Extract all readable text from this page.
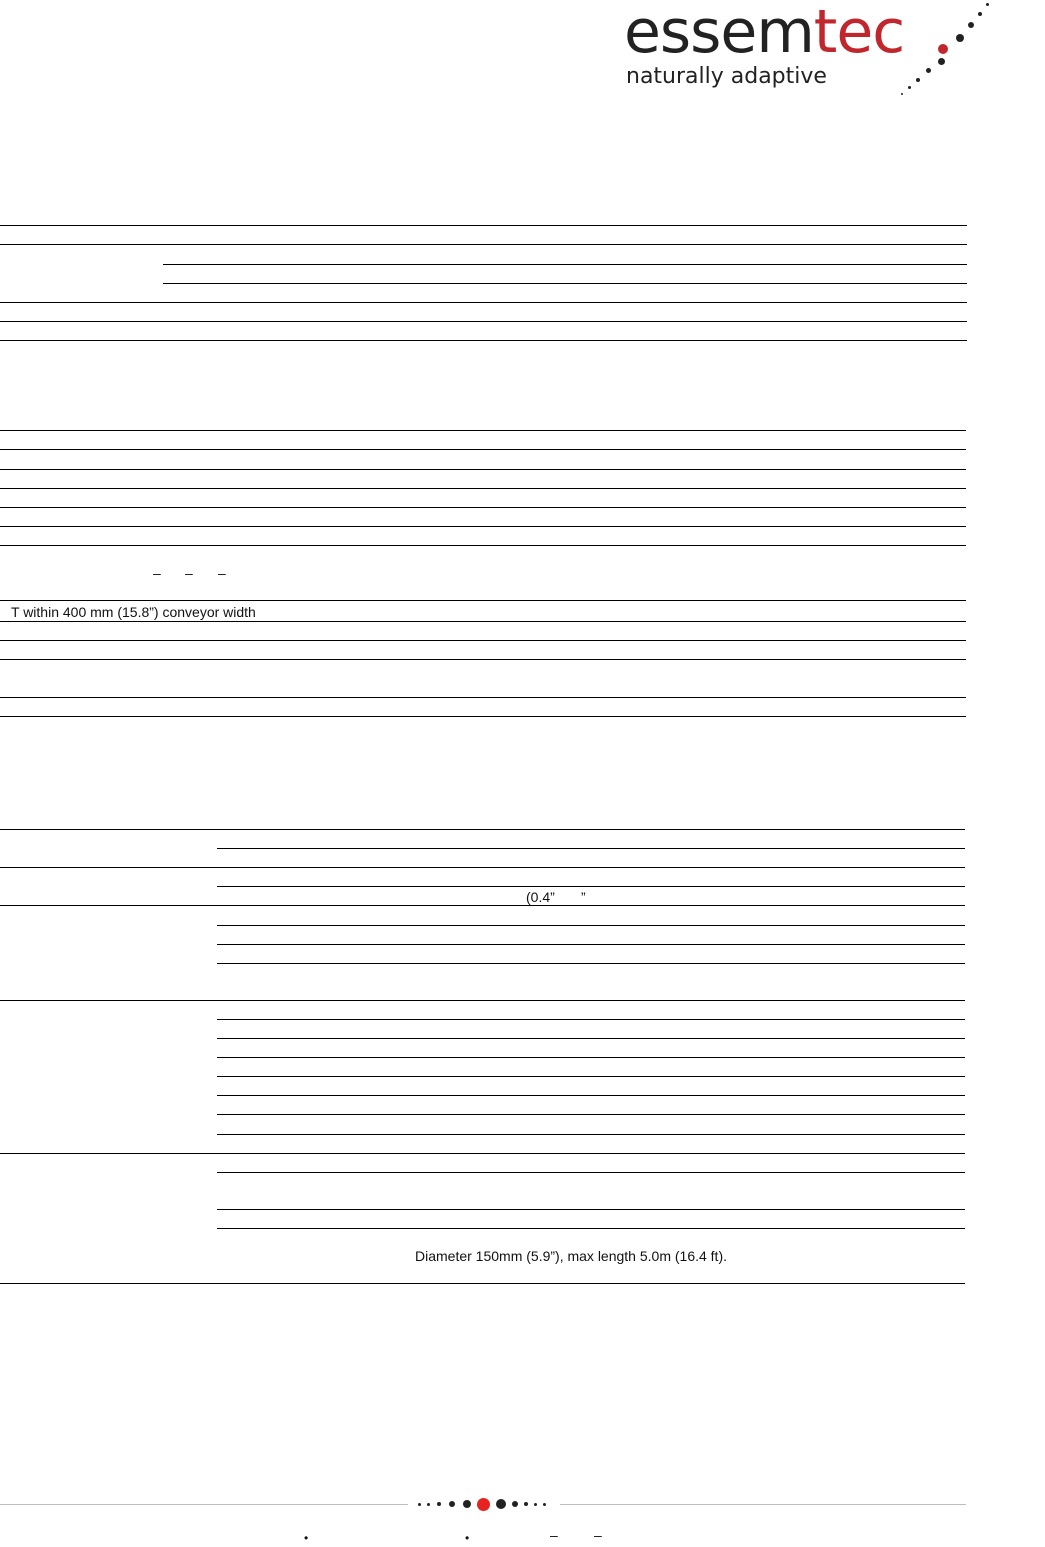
essemtec
naturally adaptive
– – –
T within 400 mm (15.8”) conveyor width
(0.4” ”
Diameter 150mm (5.9”), max length 5.0m (16.4 ft).
•	•	–	–
